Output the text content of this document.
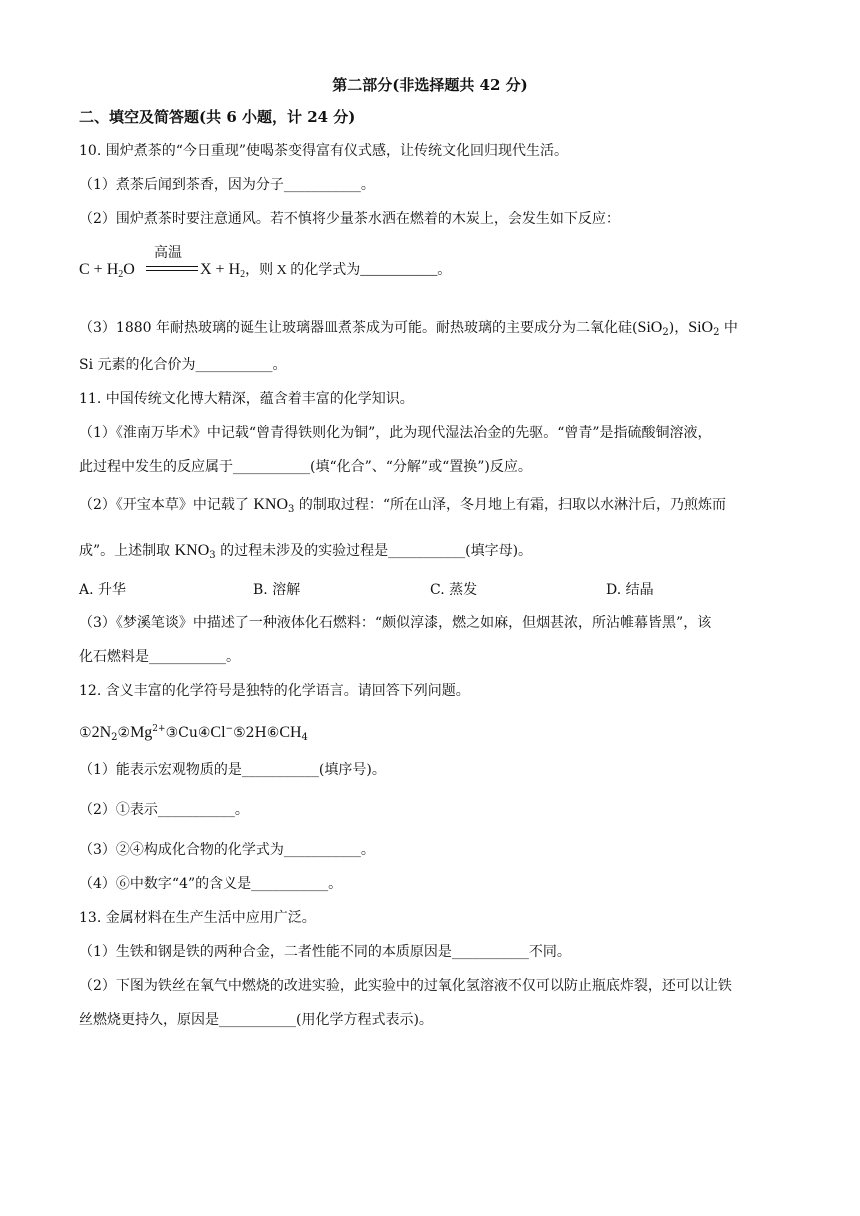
第二部分(非选择题共 42 分)
二、填空及简答题(共 6 小题，计 24 分)
10. 围炉煮茶的“今日重现”使喝茶变得富有仪式感，让传统文化回归现代生活。
（1）煮茶后闻到茶香，因为分子___________。
（2）围炉煮茶时要注意通风。若不慎将少量茶水洒在燃着的木炭上，会发生如下反应：
$C + H_2O$
高温
$X + H_2$，则 X 的化学式为___________。
（3）1880 年耐热玻璃的诞生让玻璃器皿煮茶成为可能。耐热玻璃的主要成分为二氧化硅(SiO$_2$)，SiO$_2$ 中
Si 元素的化合价为___________。
11. 中国传统文化博大精深，蕴含着丰富的化学知识。
（1）《淮南万毕术》中记载“曾青得铁则化为铜”，此为现代湿法冶金的先驱。“曾青”是指硫酸铜溶液，
此过程中发生的反应属于___________(填“化合”、“分解”或“置换”)反应。
（2）《开宝本草》中记载了 $KNO_3$ 的制取过程：“所在山泽，冬月地上有霜，扫取以水淋汁后，乃煎炼而
成”。上述制取 $KNO_3$ 的过程未涉及的实验过程是___________(填字母)。
A. 升华	B. 溶解	C. 蒸发	D. 结晶
（3）《梦溪笔谈》中描述了一种液体化石燃料：“颇似淳漆，燃之如麻，但烟甚浓，所沾帷幕皆黑”，该
化石燃料是___________。
12. 含义丰富的化学符号是独特的化学语言。请回答下列问题。
$①2N_2②Mg^{2+}③Cu④Cl^-⑤2H⑥CH_4$
（1）能表示宏观物质的是___________(填序号)。
（2）①表示___________。
（3）②④构成化合物的化学式为___________。
（4）⑥中数字“4”的含义是___________。
13. 金属材料在生产生活中应用广泛。
（1）生铁和钢是铁的两种合金，二者性能不同的本质原因是___________不同。
（2）下图为铁丝在氧气中燃烧的改进实验，此实验中的过氧化氢溶液不仅可以防止瓶底炸裂，还可以让铁
丝燃烧更持久，原因是___________(用化学方程式表示)。
